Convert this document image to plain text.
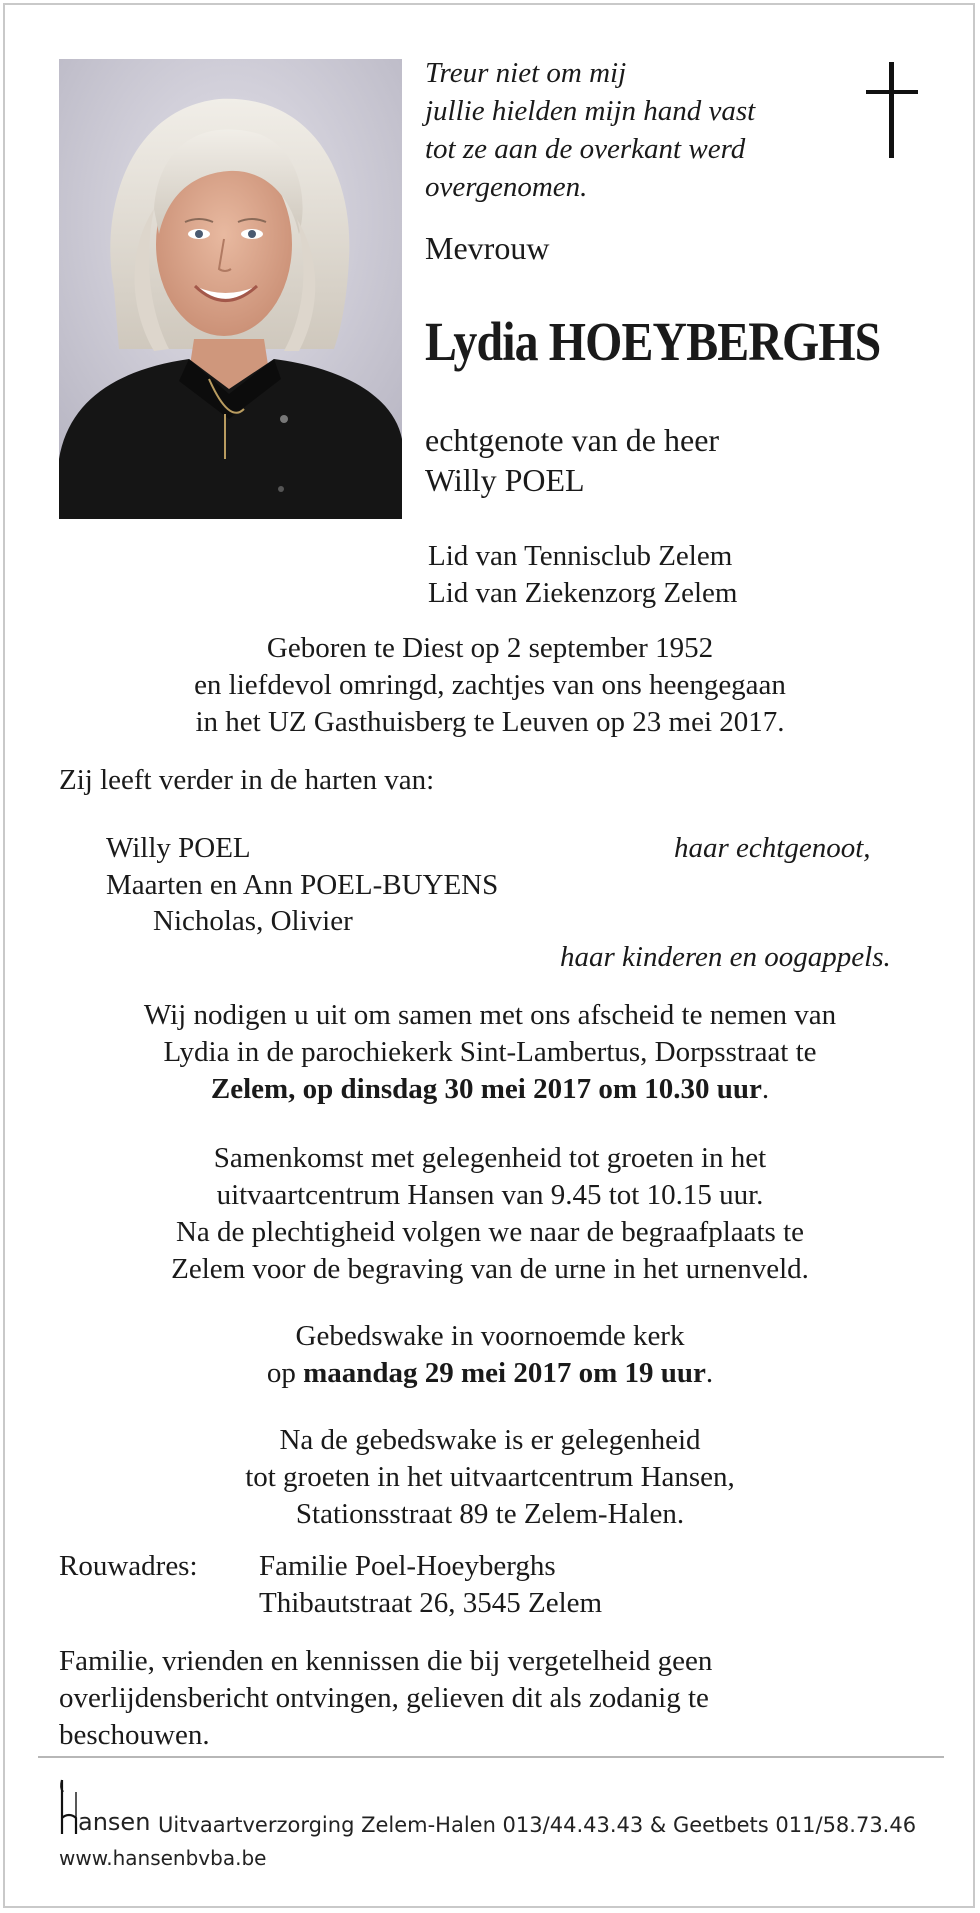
Treur niet om mij
jullie hielden mijn hand vast
tot ze aan de overkant werd
overgenomen.
Mevrouw
Lydia HOEYBERGHS
echtgenote van de heer
Willy POEL
Lid van Tennisclub Zelem
Lid van Ziekenzorg Zelem
Geboren te Diest op 2 september 1952
en liefdevol omringd, zachtjes van ons heengegaan
in het UZ Gasthuisberg te Leuven op 23 mei 2017.
Zij leeft verder in de harten van:
Willy POEL	haar echtgenoot,
Maarten en Ann POEL-BUYENS
Nicholas, Olivier
haar kinderen en oogappels.
Wij nodigen u uit om samen met ons afscheid te nemen van
Lydia in de parochiekerk Sint-Lambertus, Dorpsstraat te
Zelem, op dinsdag 30 mei 2017 om 10.30 uur.
Samenkomst met gelegenheid tot groeten in het
uitvaartcentrum Hansen van 9.45 tot 10.15 uur.
Na de plechtigheid volgen we naar de begraafplaats te
Zelem voor de begraving van de urne in het urnenveld.
Gebedswake in voornoemde kerk
op maandag 29 mei 2017 om 19 uur.
Na de gebedswake is er gelegenheid
tot groeten in het uitvaartcentrum Hansen,
Stationsstraat 89 te Zelem-Halen.
Rouwadres: Familie Poel-Hoeyberghs
Thibautstraat 26, 3545 Zelem
Familie, vrienden en kennissen die bij vergetelheid geen
overlijdensbericht ontvingen, gelieven dit als zodanig te
beschouwen.
ansen Uitvaartverzorging Zelem-Halen 013/44.43.43 & Geetbets 011/58.73.46
www.hansenbvba.be
